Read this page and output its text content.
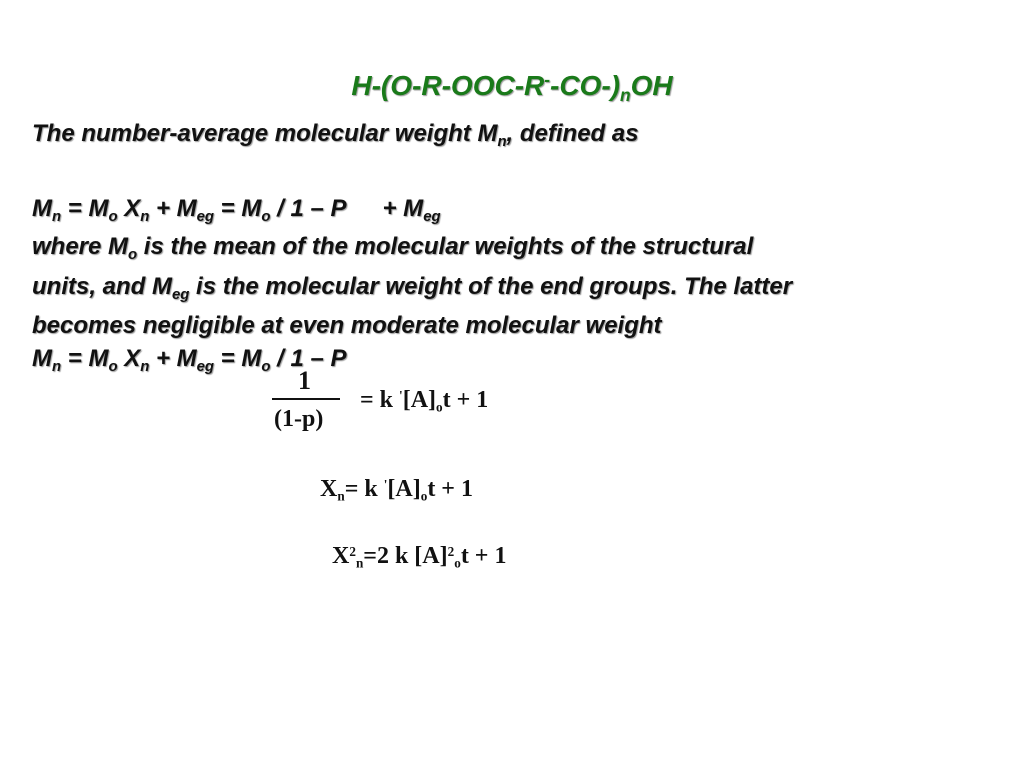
$H-(O-R-OOC-R^--CO-)_nOH$
The number-average molecular weight $M_n$, defined as
$M_n = M_o$ $X_n + M_{eg} = M_o / 1 - P + M_{eg}$
where $M_o$ is the mean of the molecular weights of the structural
units, and $M_{eg}$ is the molecular weight of the end groups. The latter
becomes negligible at even moderate molecular weight
$M_n = M_o$ $X_n + M_{eg} = M_o / 1 - P$
1
(1-p)
= k $'[A]_ot + 1$
$X_n= k$ $'[A]_ot + 1$
$X^2_n=2$ k $[A]^2_ot + 1$
